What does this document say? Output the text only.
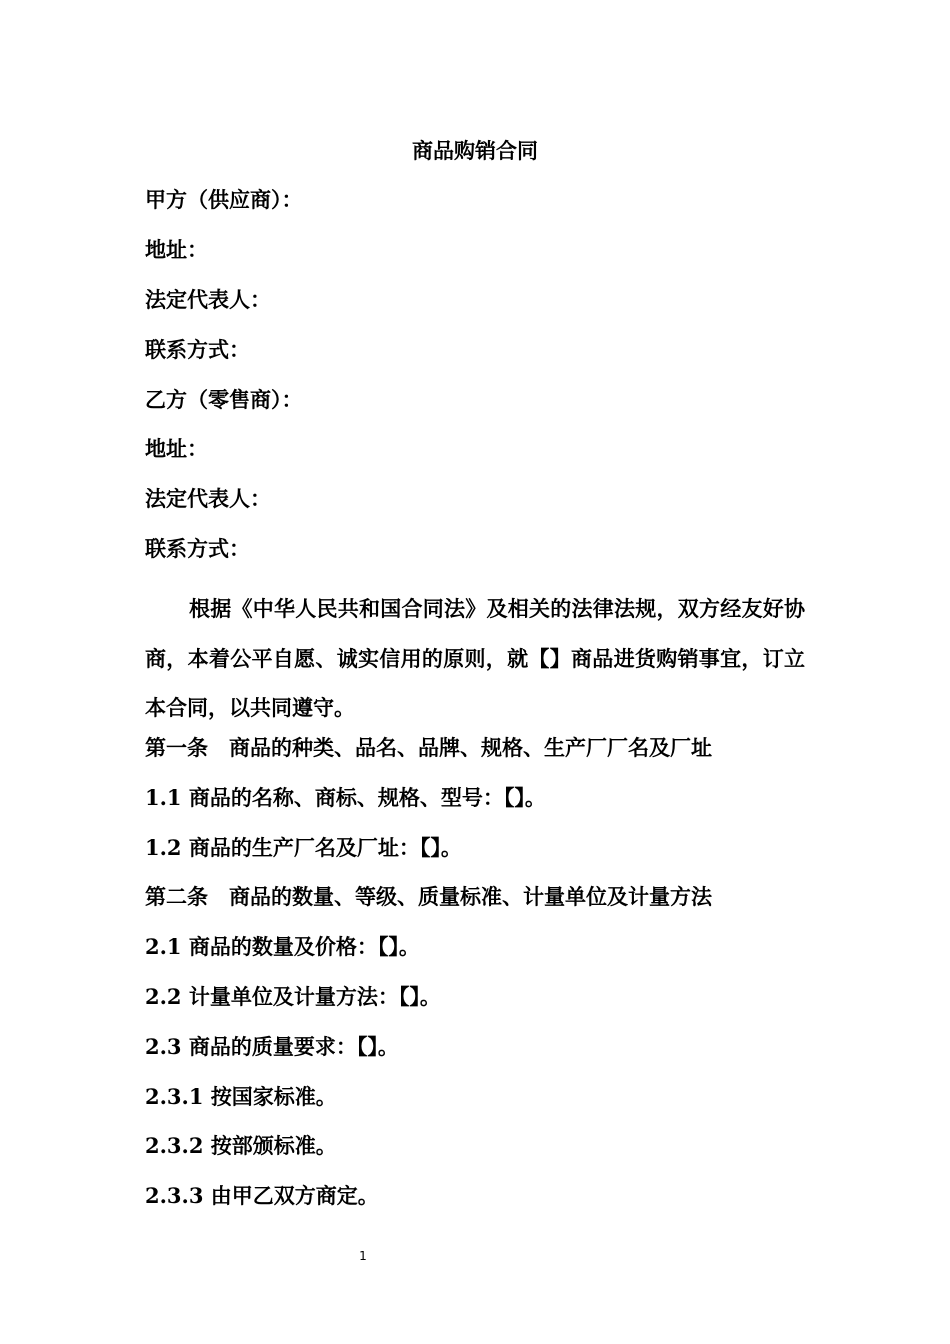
商品购销合同
甲方（供应商）：
地址：
法定代表人：
联系方式：
乙方（零售商）：
地址：
法定代表人：
联系方式：
根据《中华人民共和国合同法》及相关的法律法规，双方经友好协商，本着公平自愿、诚实信用的原则，就【】商品进货购销事宜，订立本合同，以共同遵守。
第一条　商品的种类、品名、品牌、规格、生产厂厂名及厂址
1.1 商品的名称、商标、规格、型号：【】。
1.2 商品的生产厂名及厂址：【】。
第二条　商品的数量、等级、质量标准、计量单位及计量方法
2.1 商品的数量及价格：【】。
2.2 计量单位及计量方法：【】。
2.3 商品的质量要求：【】。
2.3.1 按国家标准。
2.3.2 按部颁标准。
2.3.3 由甲乙双方商定。
1
